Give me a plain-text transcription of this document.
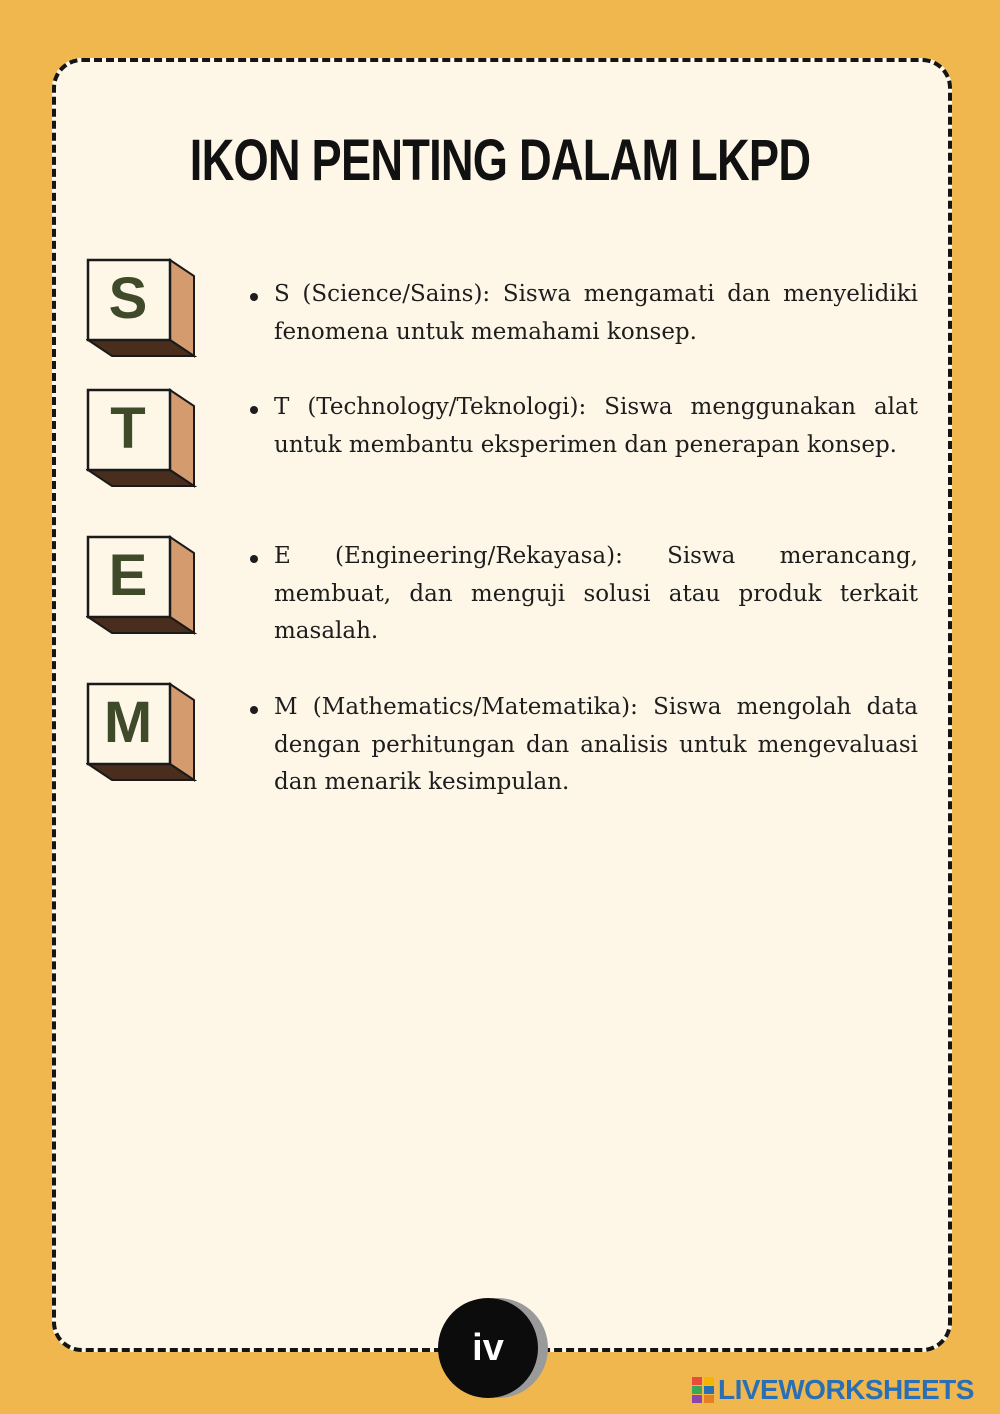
IKON PENTING DALAM LKPD
S	S (Science/Sains): Siswa mengamati dan menyelidiki fenomena untuk memahami konsep.
T	T (Technology/Teknologi): Siswa menggunakan alat untuk membantu eksperimen dan penerapan konsep.
E	E (Engineering/Rekayasa): Siswa merancang, membuat, dan menguji solusi atau produk terkait masalah.
M	M (Mathematics/Matematika): Siswa mengolah data dengan perhitungan dan analisis untuk mengevaluasi dan menarik kesimpulan.
iv
LIVEWORKSHEETS
